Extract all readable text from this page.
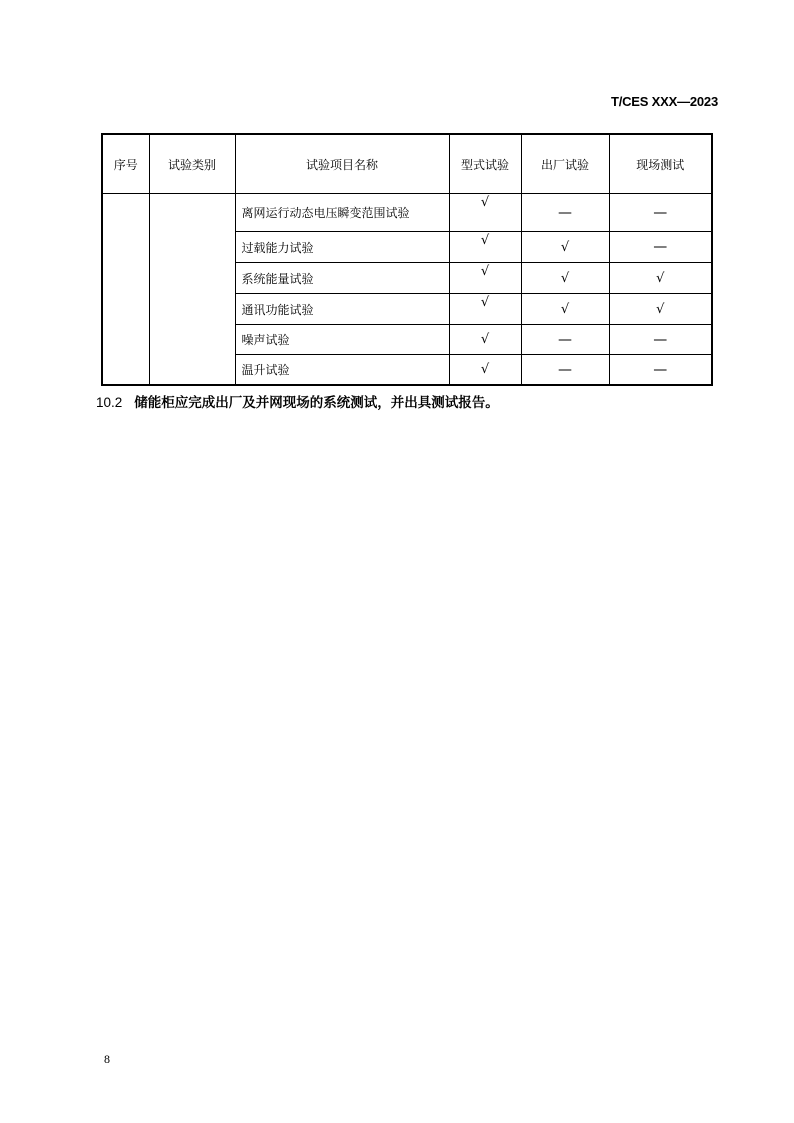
T/CES XXX—2023
序号	试验类别	试验项目名称	型式试验	出厂试验	现场测试
		离网运行动态电压瞬变范围试验	√	—	—
		过载能力试验	√	√	—
		系统能量试验	√	√	√
		通讯功能试验	√	√	√
		噪声试验	√	—	—
		温升试验	√	—	—
10.2 储能柜应完成出厂及并网现场的系统测试，并出具测试报告。
8
